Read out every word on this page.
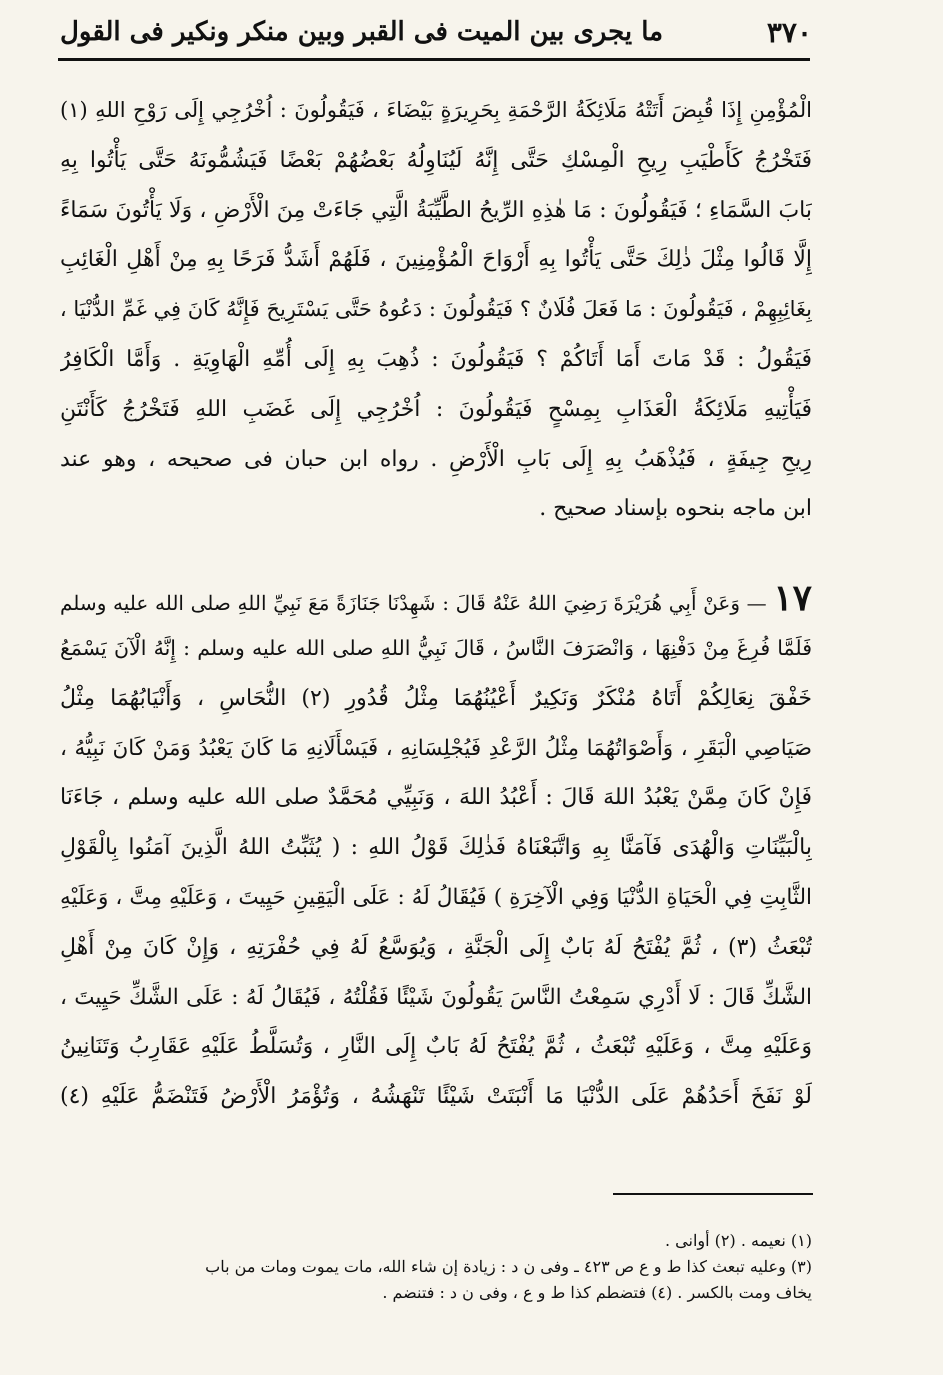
٣٧٠
ما يجرى بين الميت فى القبر وبين منكر ونكير فى القول
الْمُؤْمِنِ إِذَا قُبِضَ أَتَتْهُ مَلَائِكَةُ الرَّحْمَةِ بِحَرِيرَةٍ بَيْضَاءَ ، فَيَقُولُونَ : اُخْرُجِي إِلَى رَوْحِ اللهِ (١)
فَتَخْرُجُ كَأَطْيَبِ رِيحِ الْمِسْكِ حَتَّى إِنَّهُ لَيُنَاوِلُهُ بَعْضُهُمْ بَعْضًا فَيَشُمُّونَهُ حَتَّى يَأْتُوا بِهِ
بَابَ السَّمَاءِ ؛ فَيَقُولُونَ : مَا هٰذِهِ الرِّيحُ الطَّيِّبَةُ الَّتِي جَاءَتْ مِنَ الْأَرْضِ ، وَلَا يَأْتُونَ سَمَاءً
إِلَّا قَالُوا مِثْلَ ذٰلِكَ حَتَّى يَأْتُوا بِهِ أَرْوَاحَ الْمُؤْمِنِينَ ، فَلَهُمْ أَشَدُّ فَرَحًا بِهِ مِنْ أَهْلِ الْغَائِبِ
بِغَائِبِهِمْ ، فَيَقُولُونَ : مَا فَعَلَ فُلَانٌ ؟ فَيَقُولُونَ : دَعُوهُ حَتَّى يَسْتَرِيحَ فَإِنَّهُ كَانَ فِي غَمِّ الدُّنْيَا ،
فَيَقُولُ : قَدْ مَاتَ أَمَا أَتَاكُمْ ؟ فَيَقُولُونَ : ذُهِبَ بِهِ إِلَى أُمِّهِ الْهَاوِيَةِ . وَأَمَّا الْكَافِرُ
فَيَأْتِيهِ مَلَائِكَةُ الْعَذَابِ بِمِسْحٍ فَيَقُولُونَ : اُخْرُجِي إِلَى غَضَبِ اللهِ فَتَخْرُجُ كَأَنْتَنِ
رِيحِ جِيفَةٍ ، فَيُذْهَبُ بِهِ إِلَى بَابِ الْأَرْضِ . رواه ابن حبان فى صحيحه ، وهو عند
ابن ماجه بنحوه بإسناد صحيح .
١٧ — وَعَنْ أَبِي هُرَيْرَةَ رَضِيَ اللهُ عَنْهُ قَالَ : شَهِدْنَا جَنَازَةً مَعَ نَبِيِّ اللهِ صلى الله عليه وسلم
فَلَمَّا فُرِغَ مِنْ دَفْنِهَا ، وَانْصَرَفَ النَّاسُ ، قَالَ نَبِيُّ اللهِ صلى الله عليه وسلم : إِنَّهُ الْآنَ يَسْمَعُ
خَفْقَ نِعَالِكُمْ أَتَاهُ مُنْكَرٌ وَنَكِيرٌ أَعْيُنُهُمَا مِثْلُ قُدُورِ (٢) النُّحَاسِ ، وَأَنْيَابُهُمَا مِثْلُ
صَيَاصِي الْبَقَرِ ، وَأَصْوَاتُهُمَا مِثْلُ الرَّعْدِ فَيُجْلِسَانِهِ ، فَيَسْأَلَانِهِ مَا كَانَ يَعْبُدُ وَمَنْ كَانَ نَبِيُّهُ ،
فَإِنْ كَانَ مِمَّنْ يَعْبُدُ اللهَ قَالَ : أَعْبُدُ اللهَ ، وَنَبِيِّي مُحَمَّدٌ صلى الله عليه وسلم ، جَاءَنَا
بِالْبَيِّنَاتِ وَالْهُدَى فَآمَنَّا بِهِ وَاتَّبَعْنَاهُ فَذٰلِكَ قَوْلُ اللهِ : ( يُثَبِّتُ اللهُ الَّذِينَ آمَنُوا بِالْقَوْلِ
الثَّابِتِ فِي الْحَيَاةِ الدُّنْيَا وَفِي الْآخِرَةِ ) فَيُقَالُ لَهُ : عَلَى الْيَقِينِ حَيِيتَ ، وَعَلَيْهِ مِتَّ ، وَعَلَيْهِ
تُبْعَثُ (٣) ، ثُمَّ يُفْتَحُ لَهُ بَابٌ إِلَى الْجَنَّةِ ، وَيُوَسَّعُ لَهُ فِي حُفْرَتِهِ ، وَإِنْ كَانَ مِنْ أَهْلِ
الشَّكِّ قَالَ : لَا أَدْرِي سَمِعْتُ النَّاسَ يَقُولُونَ شَيْئًا فَقُلْتُهُ ، فَيُقَالُ لَهُ : عَلَى الشَّكِّ حَيِيتَ ،
وَعَلَيْهِ مِتَّ ، وَعَلَيْهِ تُبْعَثُ ، ثُمَّ يُفْتَحُ لَهُ بَابٌ إِلَى النَّارِ ، وَتُسَلَّطُ عَلَيْهِ عَقَارِبُ وَتَنَانِينُ
لَوْ نَفَخَ أَحَدُهُمْ عَلَى الدُّنْيَا مَا أَنْبَتَتْ شَيْئًا تَنْهَشُهُ ، وَتُؤْمَرُ الْأَرْضُ فَتَنْضَمُّ عَلَيْهِ (٤)
(١) نعيمه . (٢) أوانى .
(٣) وعليه تبعث كذا ط و ع ص ٤٢٣ ـ وفى ن د : زيادة إن شاء الله، مات يموت ومات من باب
يخاف ومت بالكسر . (٤) فتضطم كذا ط و ع ، وفى ن د : فتنضم .
